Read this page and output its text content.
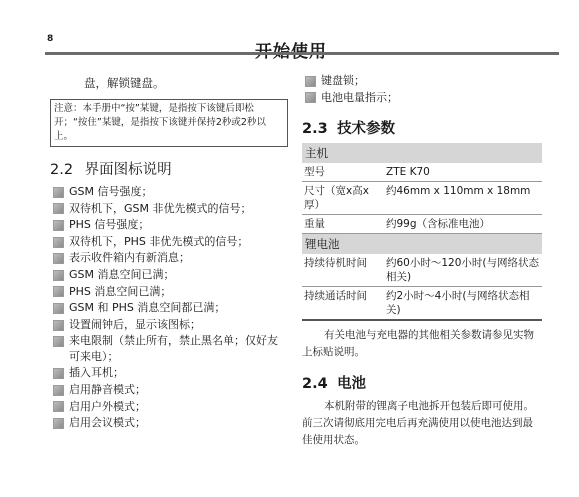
8
盘，解锁键盘。
注意：本手册中“按”某键，是指按下该键后即松开；“按住”某键，是指按下该键并保持2秒或2秒以上。
2.2 界面图标说明
GSM 信号强度；
双待机下，GSM 非优先模式的信号；
PHS 信号强度；
双待机下，PHS 非优先模式的信号；
表示收件箱内有新消息；
GSM 消息空间已满；
PHS 消息空间已满；
GSM 和 PHS 消息空间都已满；
设置闹钟后，显示该图标；
来电限制（禁止所有，禁止黑名单；仅好友可来电）；
插入耳机；
启用静音模式；
启用户外模式；
启用会议模式；
键盘锁；
电池电量指示；
2.3 技术参数
主机	
型号	ZTE K70
尺寸（宽x高x厚）	约46mm x 110mm x 18mm
重量	约99g（含标准电池）
锂电池	
持续待机时间	约60小时～120小时(与网络状态相关)
持续通话时间	约2小时～4小时(与网络状态相关)

有关电池与充电器的其他相关参数请参见实物上标贴说明。

2.4 电池

本机附带的锂离子电池拆开包装后即可使用。前三次请彻底用完电后再充满使用以使电池达到最佳使用状态。
